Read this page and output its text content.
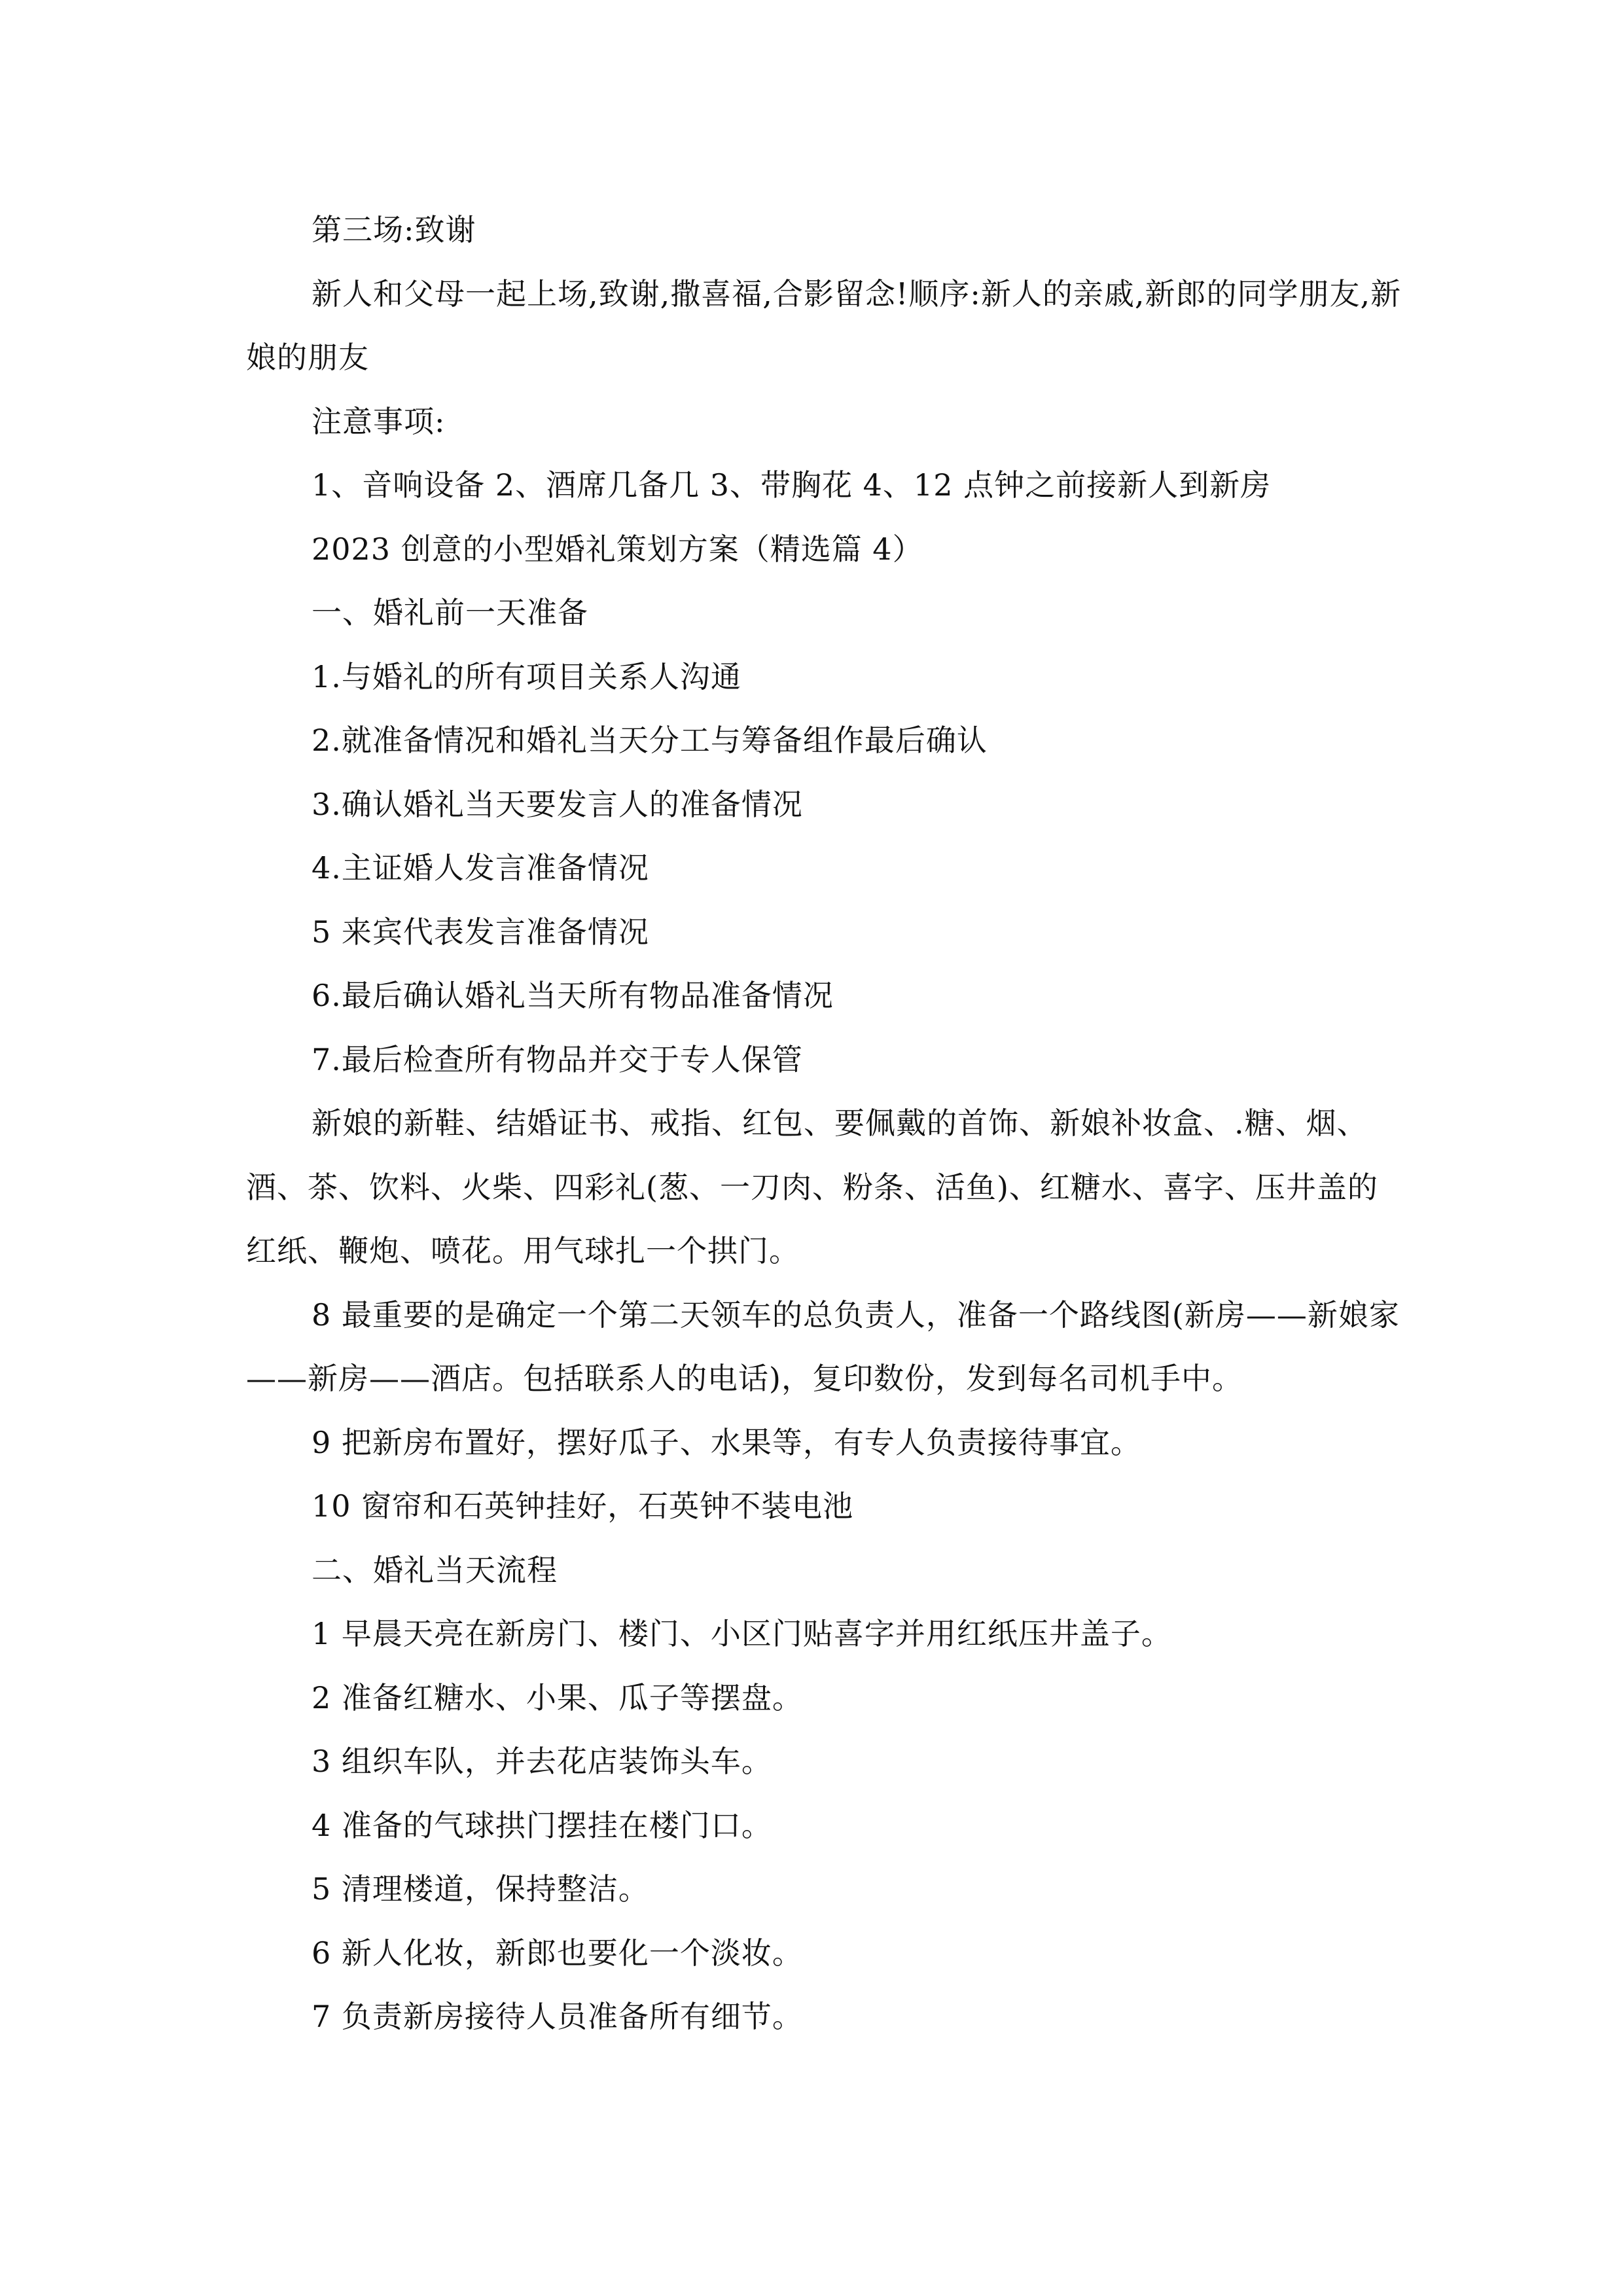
第三场:致谢

新人和父母一起上场,致谢,撒喜福,合影留念!顺序:新人的亲戚,新郎的同学朋友,新娘的朋友

注意事项:

1、音响设备 2、酒席几备几 3、带胸花 4、12 点钟之前接新人到新房

2023 创意的小型婚礼策划方案（精选篇 4）

一、婚礼前一天准备

1.与婚礼的所有项目关系人沟通

2.就准备情况和婚礼当天分工与筹备组作最后确认

3.确认婚礼当天要发言人的准备情况

4.主证婚人发言准备情况

5 来宾代表发言准备情况

6.最后确认婚礼当天所有物品准备情况

7.最后检查所有物品并交于专人保管

新娘的新鞋、结婚证书、戒指、红包、要佩戴的首饰、新娘补妆盒、.糖、烟、酒、茶、饮料、火柴、四彩礼(葱、一刀肉、粉条、活鱼)、红糖水、喜字、压井盖的红纸、鞭炮、喷花。用气球扎一个拱门。

8 最重要的是确定一个第二天领车的总负责人，准备一个路线图(新房——新娘家——新房——酒店。包括联系人的电话)，复印数份，发到每名司机手中。

9 把新房布置好，摆好瓜子、水果等，有专人负责接待事宜。

10 窗帘和石英钟挂好，石英钟不装电池

二、婚礼当天流程

1 早晨天亮在新房门、楼门、小区门贴喜字并用红纸压井盖子。

2 准备红糖水、小果、瓜子等摆盘。

3 组织车队，并去花店装饰头车。

4 准备的气球拱门摆挂在楼门口。

5 清理楼道，保持整洁。

6 新人化妆，新郎也要化一个淡妆。

7 负责新房接待人员准备所有细节。
